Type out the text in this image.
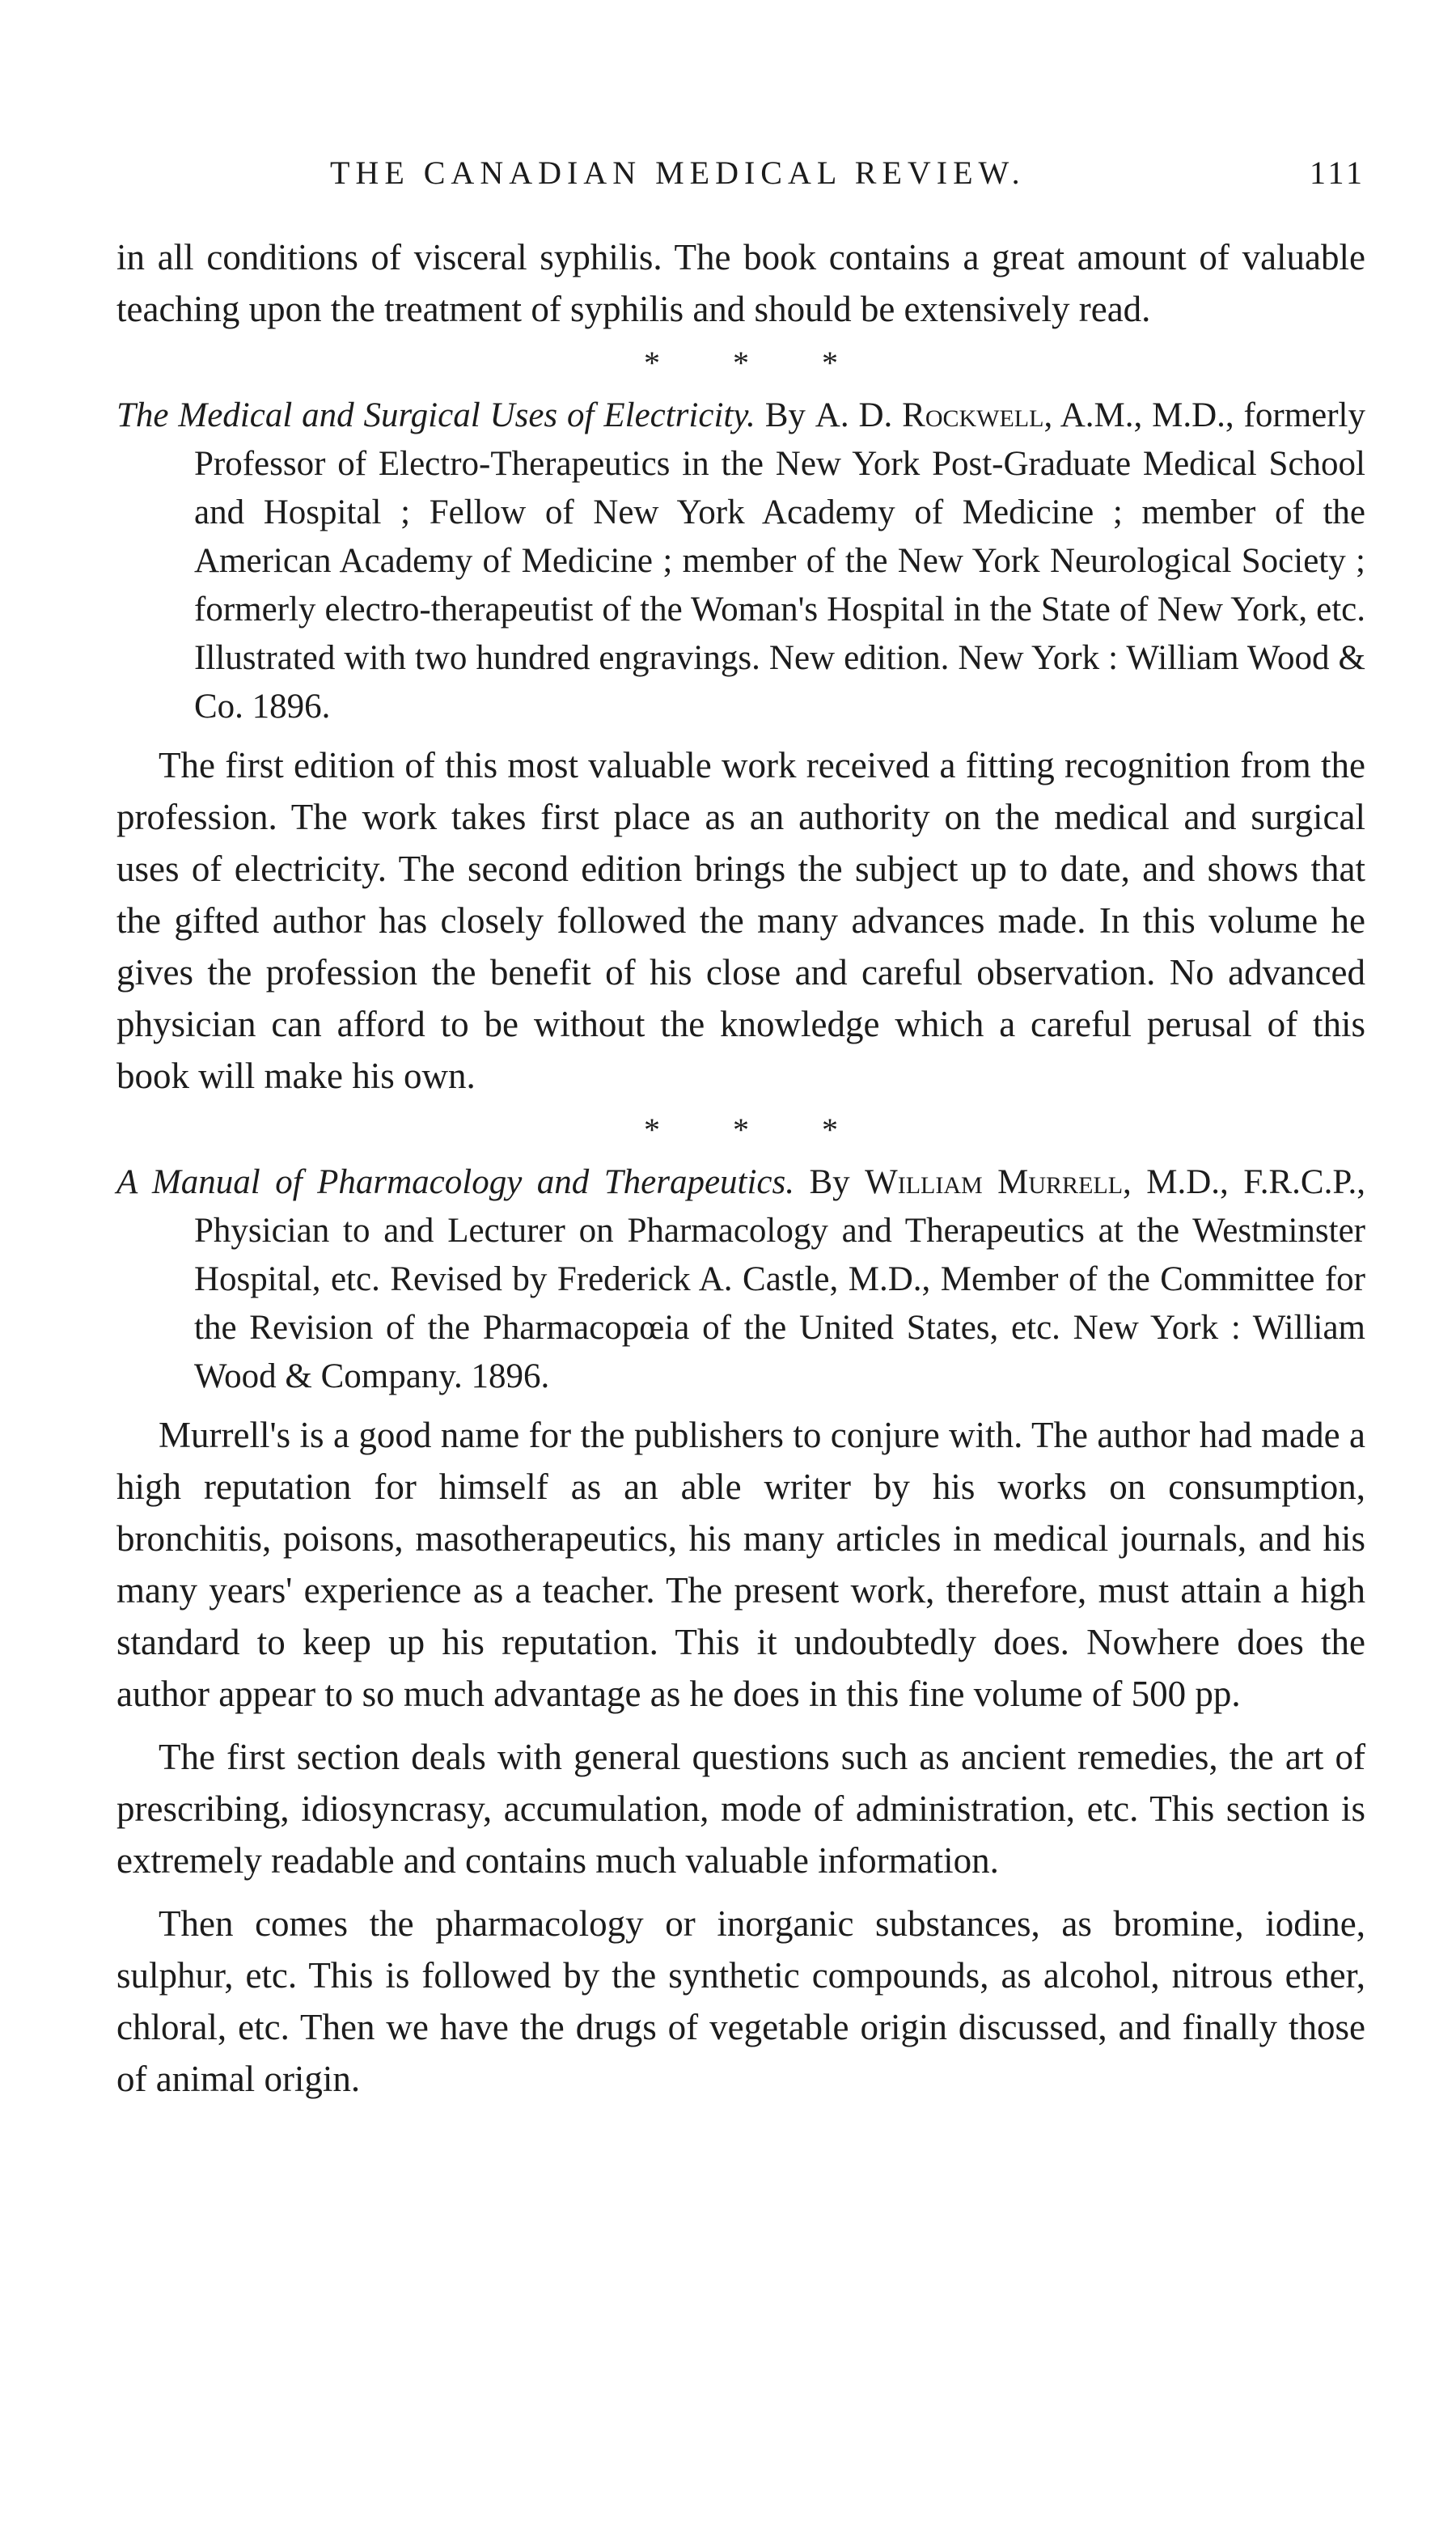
THE CANADIAN MEDICAL REVIEW.	111

in all conditions of visceral syphilis. The book contains a great amount of valuable teaching upon the treatment of syphilis and should be extensively read.

* * *

The Medical and Surgical Uses of Electricity. By A. D. Rockwell, A.M., M.D., formerly Professor of Electro-Therapeutics in the New York Post-Graduate Medical School and Hospital ; Fellow of New York Academy of Medicine ; member of the American Academy of Medicine ; member of the New York Neurological Society ; formerly electro-therapeutist of the Woman's Hospital in the State of New York, etc. Illustrated with two hundred engravings. New edition. New York : William Wood & Co. 1896.

The first edition of this most valuable work received a fitting recognition from the profession. The work takes first place as an authority on the medical and surgical uses of electricity. The second edition brings the subject up to date, and shows that the gifted author has closely followed the many advances made. In this volume he gives the profession the benefit of his close and careful observation. No advanced physician can afford to be without the knowledge which a careful perusal of this book will make his own.

* * *

A Manual of Pharmacology and Therapeutics. By William Murrell, M.D., F.R.C.P., Physician to and Lecturer on Pharmacology and Therapeutics at the Westminster Hospital, etc. Revised by Frederick A. Castle, M.D., Member of the Committee for the Revision of the Pharmacopœia of the United States, etc. New York : William Wood & Company. 1896.

Murrell's is a good name for the publishers to conjure with. The author had made a high reputation for himself as an able writer by his works on consumption, bronchitis, poisons, masotherapeutics, his many articles in medical journals, and his many years' experience as a teacher. The present work, therefore, must attain a high standard to keep up his reputation. This it undoubtedly does. Nowhere does the author appear to so much advantage as he does in this fine volume of 500 pp.

The first section deals with general questions such as ancient remedies, the art of prescribing, idiosyncrasy, accumulation, mode of administration, etc. This section is extremely readable and contains much valuable information.

Then comes the pharmacology or inorganic substances, as bromine, iodine, sulphur, etc. This is followed by the synthetic compounds, as alcohol, nitrous ether, chloral, etc. Then we have the drugs of vegetable origin discussed, and finally those of animal origin.
